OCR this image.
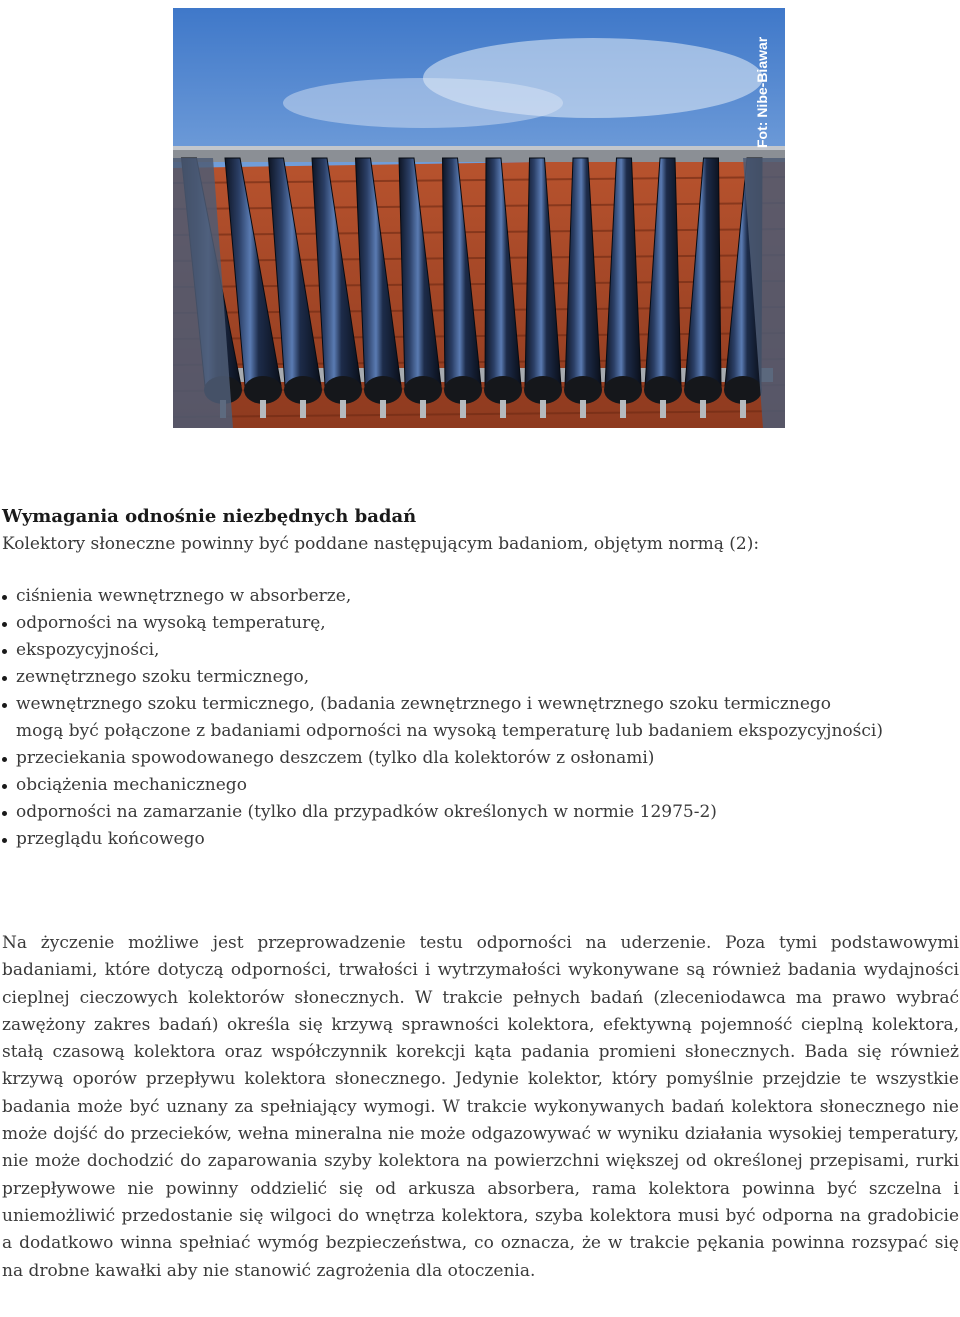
Fot: Nibe-Biawar
Wymagania odnośnie niezbędnych badań

Kolektory słoneczne powinny być poddane następującym badaniom, objętym normą (2):

ciśnienia wewnętrznego w absorberze,
odporności na wysoką temperaturę,
ekspozycyjności,
zewnętrznego szoku termicznego,
wewnętrznego szoku termicznego, (badania zewnętrznego i wewnętrznego szoku termicznego
mogą być połączone z badaniami odporności na wysoką temperaturę lub badaniem ekspozycyjności)
przeciekania spowodowanego deszczem (tylko dla kolektorów z osłonami)
obciążenia mechanicznego
odporności na zamarzanie (tylko dla przypadków określonych w normie 12975-2)
przeglądu końcowego

Na życzenie możliwe jest przeprowadzenie testu odporności na uderzenie. Poza tymi podstawowymi badaniami, które dotyczą odporności, trwałości i wytrzymałości wykonywane są również badania wydajności cieplnej cieczowych kolektorów słonecznych. W trakcie pełnych badań (zleceniodawca ma prawo wybrać zawężony zakres badań) określa się krzywą sprawności kolektora, efektywną pojemność cieplną kolektora, stałą czasową kolektora oraz współczynnik korekcji kąta padania promieni słonecznych. Bada się również krzywą oporów przepływu kolektora słonecznego. Jedynie kolektor, który pomyślnie przejdzie te wszystkie badania może być uznany za spełniający wymogi. W trakcie wykonywanych badań kolektora słonecznego nie może dojść do przecieków, wełna mineralna nie może odgazowywać w wyniku działania wysokiej temperatury, nie może dochodzić do zaparowania szyby kolektora na powierzchni większej od określonej przepisami, rurki przepływowe nie powinny oddzielić się od arkusza absorbera, rama kolektora powinna być szczelna i uniemożliwić przedostanie się wilgoci do wnętrza kolektora, szyba kolektora musi być odporna na gradobicie a dodatkowo winna spełniać wymóg bezpieczeństwa, co oznacza, że w trakcie pękania powinna rozsypać się na drobne kawałki aby nie stanowić zagrożenia dla otoczenia.
